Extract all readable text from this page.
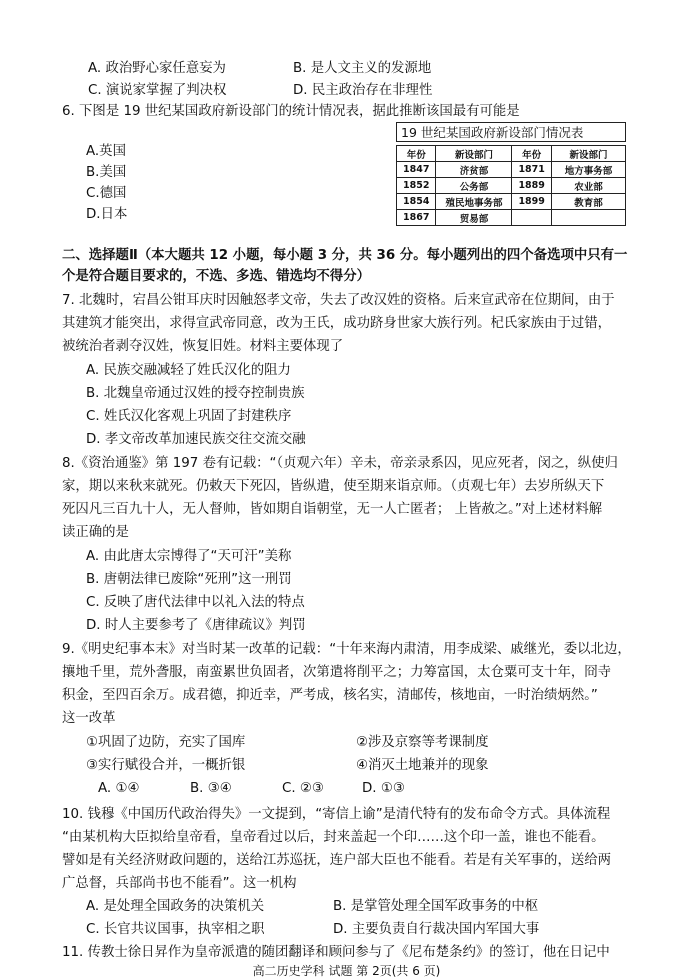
A. 政治野心家任意妄为	B. 是人文主义的发源地
C. 演说家掌握了判决权	D. 民主政治存在非理性
6. 下图是 19 世纪某国政府新设部门的统计情况表，据此推断该国最有可能是
A.英国
B.美国
C.德国
D.日本
19 世纪某国政府新设部门情况表
年份	新设部门	年份	新设部门
1847	济贫部	1871	地方事务部
1852	公务部	1889	农业部
1854	殖民地事务部	1899	教育部
1867	贸易部		
二、选择题Ⅱ（本大题共 12 小题，每小题 3 分，共 36 分。每小题列出的四个备选项中只有一
个是符合题目要求的，不选、多选、错选均不得分）
7. 北魏时，宕昌公钳耳庆时因触怒孝文帝，失去了改汉姓的资格。后来宣武帝在位期间，由于
其建筑才能突出，求得宣武帝同意，改为王氏，成功跻身世家大族行列。杞氏家族由于过错，
被统治者剥夺汉姓，恢复旧姓。材料主要体现了
A. 民族交融减轻了姓氏汉化的阻力
B. 北魏皇帝通过汉姓的授夺控制贵族
C. 姓氏汉化客观上巩固了封建秩序
D. 孝文帝改革加速民族交往交流交融
8.《资治通鉴》第 197 卷有记载：“（贞观六年）辛未，帝亲录系囚，见应死者，闵之，纵使归
家，期以来秋来就死。仍敕天下死囚，皆纵遣，使至期来诣京师。（贞观七年）去岁所纵天下
死囚凡三百九十人，无人督帅，皆如期自诣朝堂，无一人亡匿者； 上皆赦之。”对上述材料解
读正确的是
A. 由此唐太宗博得了“天可汗”美称
B. 唐朝法律已废除“死刑”这一刑罚
C. 反映了唐代法律中以礼入法的特点
D. 时人主要参考了《唐律疏议》判罚
9.《明史纪事本末》对当时某一改革的记载：“十年来海内肃清，用李成梁、戚继光，委以北边，
攘地千里，荒外詟服，南蛮累世负固者，次第遣将削平之；力筹富国，太仓粟可支十年，冏寺
积金，至四百余万。成君德，抑近幸，严考成，核名实，清邮传，核地亩，一时治绩炳然。”
这一改革
①巩固了边防，充实了国库	②涉及京察等考课制度
③实行赋役合并，一概折银	④消灭土地兼并的现象
A. ①④	B. ③④	C. ②③	D. ①③
10. 钱穆《中国历代政治得失》一文提到，“寄信上谕”是清代特有的发布命令方式。具体流程
“由某机构大臣拟给皇帝看，皇帝看过以后，封来盖起一个印……这个印一盖，谁也不能看。
譬如是有关经济财政问题的，送给江苏巡抚，连户部大臣也不能看。若是有关军事的，送给两
广总督，兵部尚书也不能看”。这一机构
A. 是处理全国政务的决策机关	B. 是掌管处理全国军政事务的中枢
C. 长官共议国事，执宰相之职	D. 主要负责自行裁决国内军国大事
11. 传教士徐日昇作为皇帝派遣的随团翻译和顾问参与了《尼布楚条约》的签订，他在日记中
高二历史学科 试题 第 2页(共 6 页)
